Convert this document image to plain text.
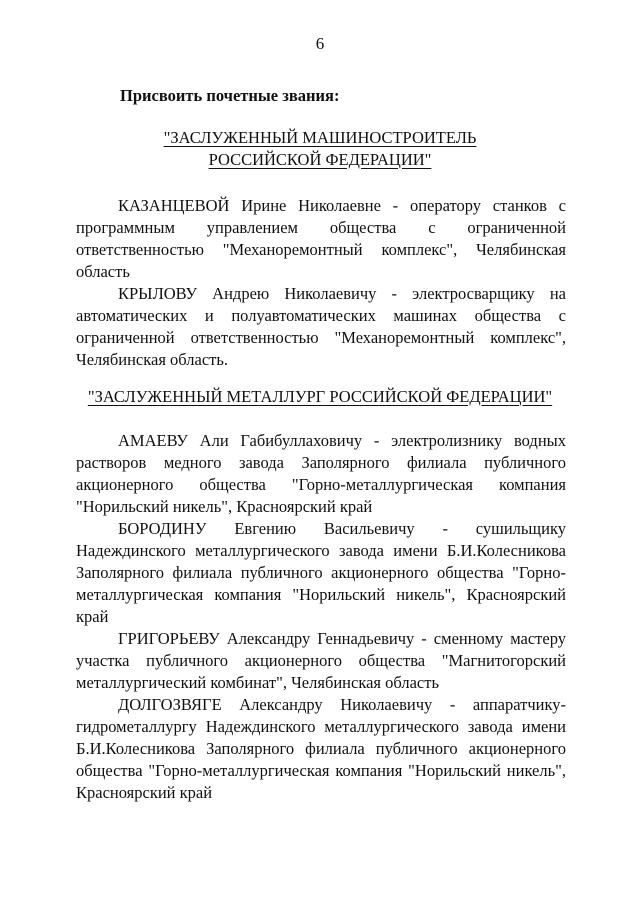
6
Присвоить почетные звания:
"ЗАСЛУЖЕННЫЙ МАШИНОСТРОИТЕЛЬ
РОССИЙСКОЙ ФЕДЕРАЦИИ"

КАЗАНЦЕВОЙ Ирине Николаевне - оператору станков с программным управлением общества с ограниченной ответственностью "Механоремонтный комплекс", Челябинская область

КРЫЛОВУ Андрею Николаевичу - электросварщику на автоматических и полуавтоматических машинах общества с ограниченной ответственностью "Механоремонтный комплекс", Челябинская область.

"ЗАСЛУЖЕННЫЙ МЕТАЛЛУРГ РОССИЙСКОЙ ФЕДЕРАЦИИ"

АМАЕВУ Али Габибуллаховичу - электролизнику водных растворов медного завода Заполярного филиала публичного акционерного общества "Горно-металлургическая компания "Норильский никель", Красноярский край

БОРОДИНУ Евгению Васильевичу - сушильщику Надеждинского металлургического завода имени Б.И.Колесникова Заполярного филиала публичного акционерного общества "Горно-металлургическая компания "Норильский никель", Красноярский край

ГРИГОРЬЕВУ Александру Геннадьевичу - сменному мастеру участка публичного акционерного общества "Магнитогорский металлургический комбинат", Челябинская область

ДОЛГОЗВЯГЕ Александру Николаевичу - аппаратчику-гидрометаллургу Надеждинского металлургического завода имени Б.И.Колесникова Заполярного филиала публичного акционерного общества "Горно-металлургическая компания "Норильский никель", Красноярский край
